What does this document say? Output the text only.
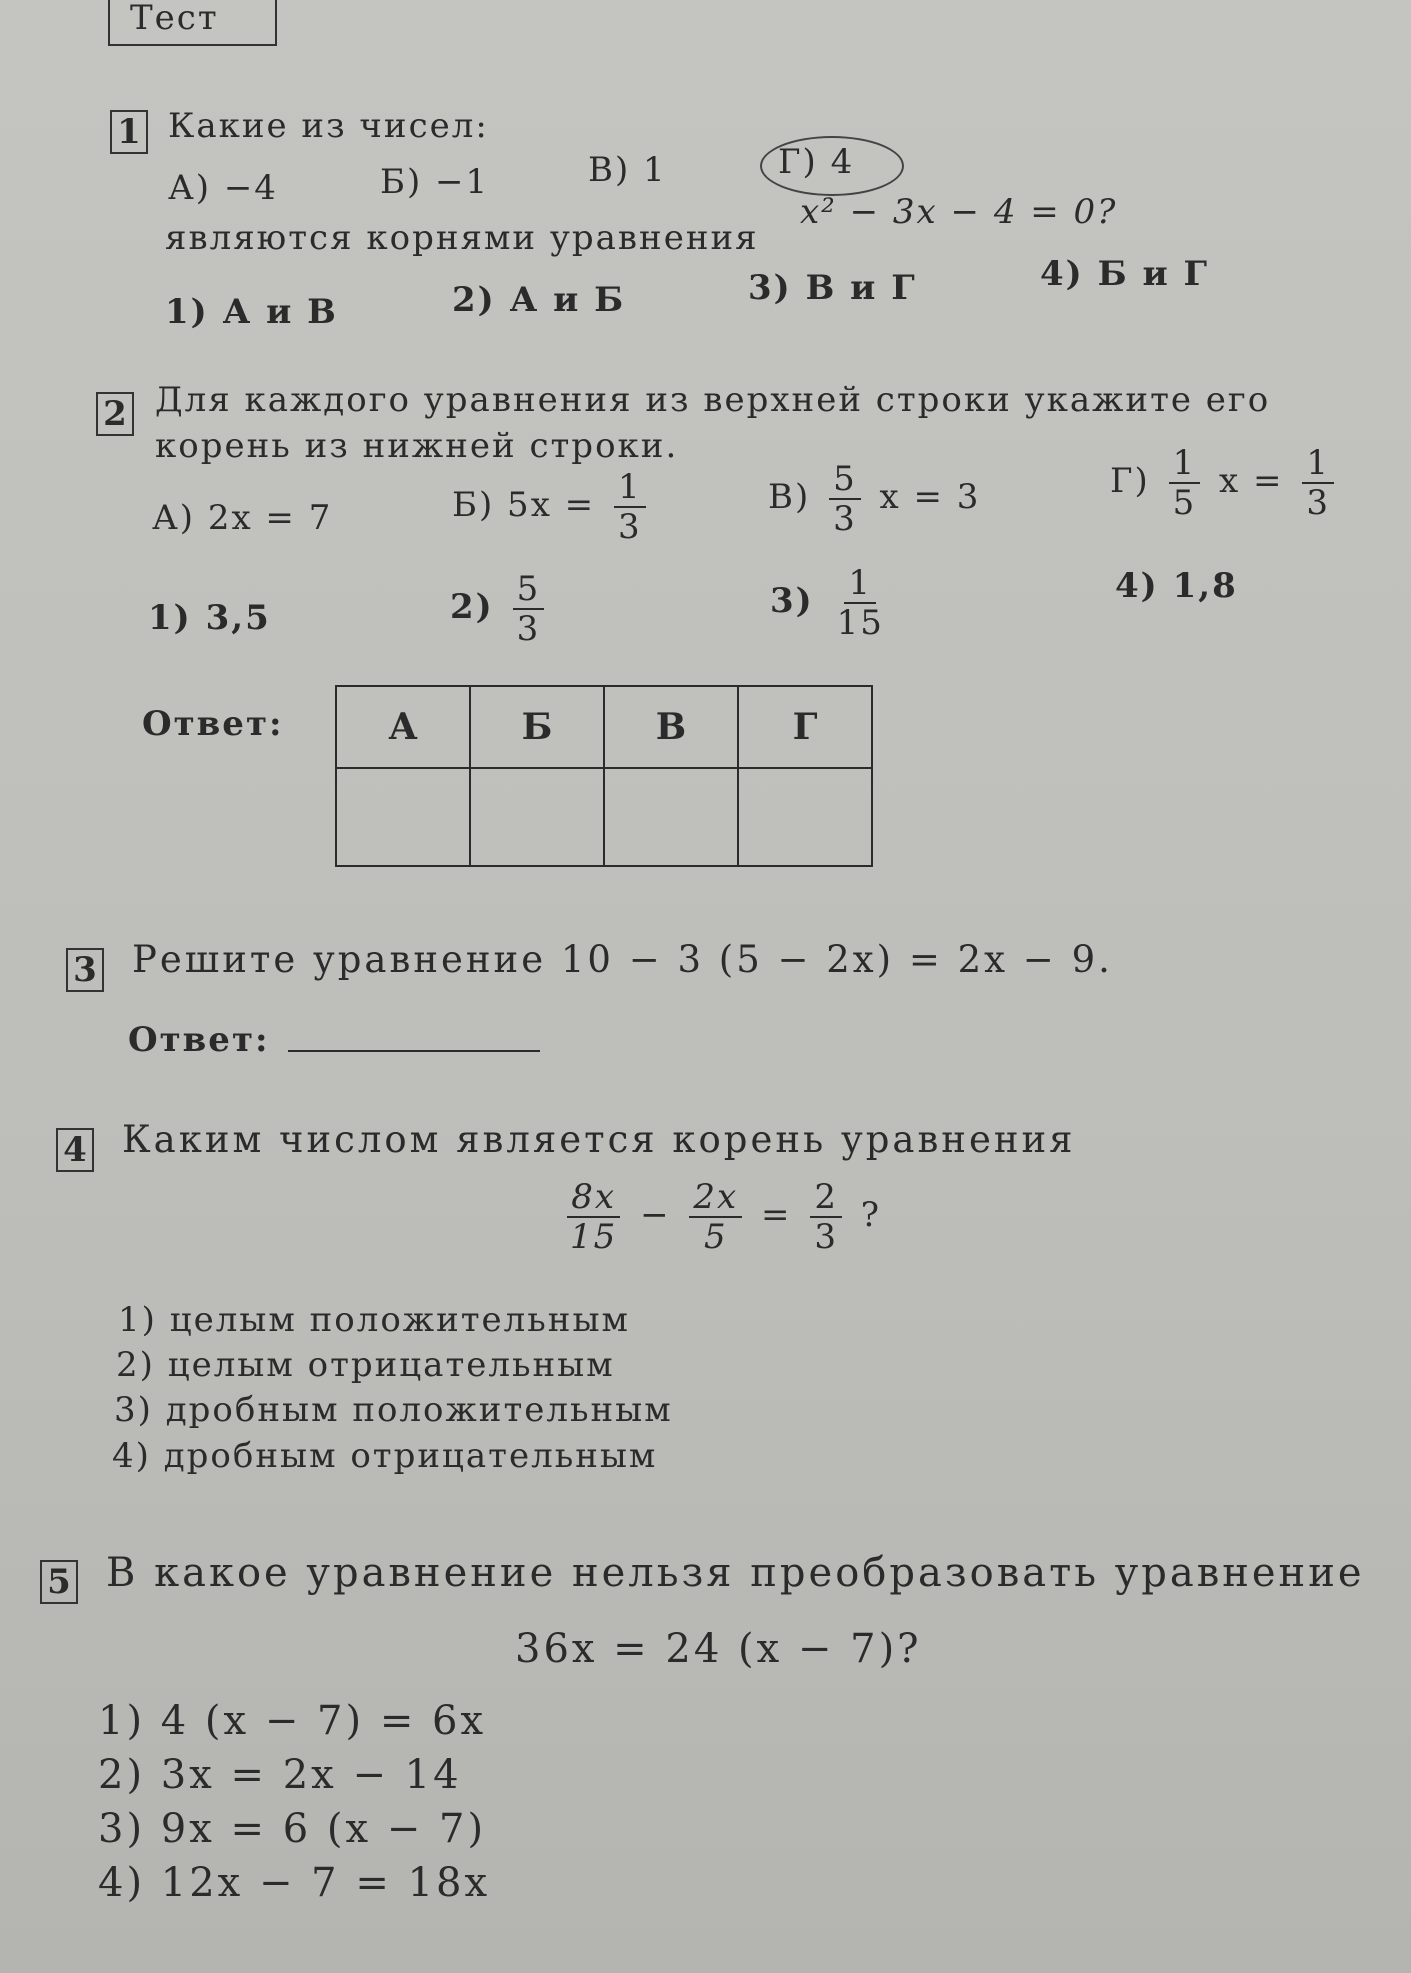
Тест
1 Какие из чисел:
А) −4	Б) −1	В) 1	Г) 4
являются корнями уравнения
x² − 3x − 4 = 0?
1) А и В	2) А и Б	3) В и Г	4) Б и Г
2 Для каждого уравнения из верхней строки укажите его
корень из нижней строки.
А) 2x = 7	Б) $5x = \frac{1}{3}$	$В) \frac{5}{3}$ x = 3	$Г) \frac{1}{5}$ $x = \frac{1}{3}$
1) 3,5	$2) \frac{5}{3}$	$3) \frac{1}{15}$	4) 1,8
Ответ:	А	Б	В	Г

3 Решите уравнение 10 − 3 (5 − 2x) = 2x − 9.
Ответ:
4 Каким числом является корень уравнения
$\frac{8x}{15} - \frac{2x}{5} = \frac{2}{3}$ ?
1) целым положительным
2) целым отрицательным
3) дробным положительным
4) дробным отрицательным
5 В какое уравнение нельзя преобразовать уравнение
36x = 24 (x − 7)?
1) 4 (x − 7) = 6x
2) 3x = 2x − 14
3) 9x = 6 (x − 7)
4) 12x − 7 = 18x
